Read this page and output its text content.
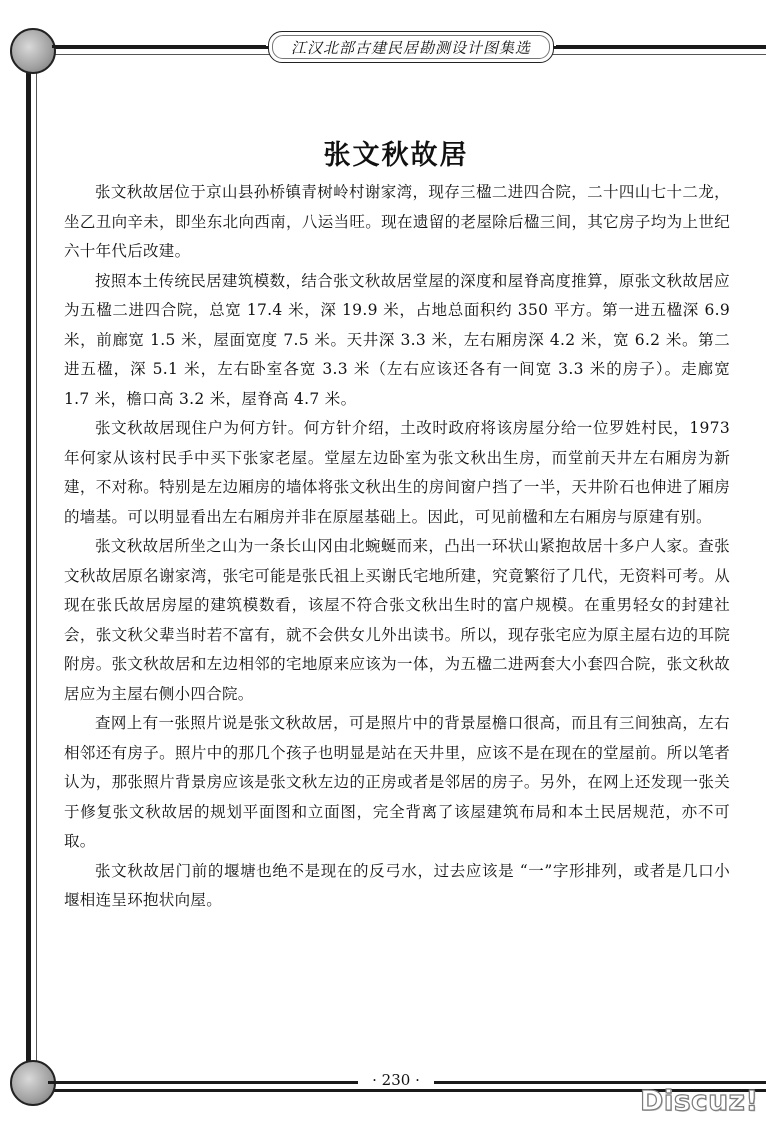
江汉北部古建民居勘测设计图集选
张文秋故居

张文秋故居位于京山县孙桥镇青树岭村谢家湾，现存三楹二进四合院，二十四山七十二龙，坐乙丑向辛未，即坐东北向西南，八运当旺。现在遗留的老屋除后楹三间，其它房子均为上世纪六十年代后改建。

按照本土传统民居建筑模数，结合张文秋故居堂屋的深度和屋脊高度推算，原张文秋故居应为五楹二进四合院，总宽 17.4 米，深 19.9 米，占地总面积约 350 平方。第一进五楹深 6.9 米，前廊宽 1.5 米，屋面宽度 7.5 米。天井深 3.3 米，左右厢房深 4.2 米，宽 6.2 米。第二进五楹，深 5.1 米，左右卧室各宽 3.3 米（左右应该还各有一间宽 3.3 米的房子）。走廊宽 1.7 米，檐口高 3.2 米，屋脊高 4.7 米。

张文秋故居现住户为何方针。何方针介绍，土改时政府将该房屋分给一位罗姓村民，1973 年何家从该村民手中买下张家老屋。堂屋左边卧室为张文秋出生房，而堂前天井左右厢房为新建，不对称。特别是左边厢房的墙体将张文秋出生的房间窗户挡了一半，天井阶石也伸进了厢房的墙基。可以明显看出左右厢房并非在原屋基础上。因此，可见前楹和左右厢房与原建有别。

张文秋故居所坐之山为一条长山冈由北蜿蜒而来，凸出一环状山紧抱故居十多户人家。查张文秋故居原名谢家湾，张宅可能是张氏祖上买谢氏宅地所建，究竟繁衍了几代，无资料可考。从现在张氏故居房屋的建筑模数看，该屋不符合张文秋出生时的富户规模。在重男轻女的封建社会，张文秋父辈当时若不富有，就不会供女儿外出读书。所以，现存张宅应为原主屋右边的耳院附房。张文秋故居和左边相邻的宅地原来应该为一体，为五楹二进两套大小套四合院，张文秋故居应为主屋右侧小四合院。

查网上有一张照片说是张文秋故居，可是照片中的背景屋檐口很高，而且有三间独高，左右相邻还有房子。照片中的那几个孩子也明显是站在天井里，应该不是在现在的堂屋前。所以笔者认为，那张照片背景房应该是张文秋左边的正房或者是邻居的房子。另外，在网上还发现一张关于修复张文秋故居的规划平面图和立面图，完全背离了该屋建筑布局和本土民居规范，亦不可取。

张文秋故居门前的堰塘也绝不是现在的反弓水，过去应该是 “一”字形排列，或者是几口小堰相连呈环抱状向屋。

· 230 ·
Discuz!
